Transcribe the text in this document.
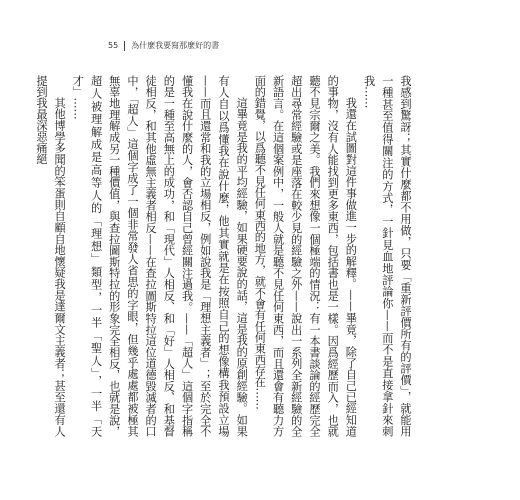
55 為什麼我要寫那麼好的書

我感到驚訝；其實什麼都不用做，只要「重新評價所有的評價」，就能用一種甚至值得關注的方式，一針見血地評論你——而不是直接拿針來刺我……

我還在試圖對這件事做進一步的解釋。——畢竟，除了自己已經知道的事物，沒有人能找到更多東西，包括書也是一樣。因爲經歷而入，也就聽不見宗爾之美。我們來想像一個極端的情況：有一本書談論的經歷完全超出尋常經驗或是座落在較少見的經驗之外——說出一系列全新經驗的全新語言。在這個案例中，一般人就是聽不見任何東西，而且還會有聽力方面的錯覺，以爲聽不見任何東西的地方，就不會有任何東西存在……

這畢竟是我的平均經驗，如果硬要說的話，這是我的原創經驗。如果有人自以爲懂我在說什麼，他其實就是在按照自己的想像構我預設立場——而且還常和我的立場相反，例如說我是「理想主義者」；至於完全不懂我在說什麼的人，會否認自己曾經關注過我。——「超人」這個字指稱的是一種至高無上的成功，和「現代」人相反、和「好」人相反、和基督徒相反，和其他虛無主義者相反——在查拉圖斯特拉這位道德毀滅者的口中，「超人」這個字成了一個非常發人省思的字眼，但幾乎處處都被極其無辜地理解成另一種價值，與查拉圖斯特拉的形象完全相反，也就是說，超人被理解成是高等人的「理想」類型，一半「聖人」，一半「天才」……

其他博學多聞的笨蛋則自顧自地懷疑我是達爾文主義者；甚至還有人提到我最深惡痛絕
